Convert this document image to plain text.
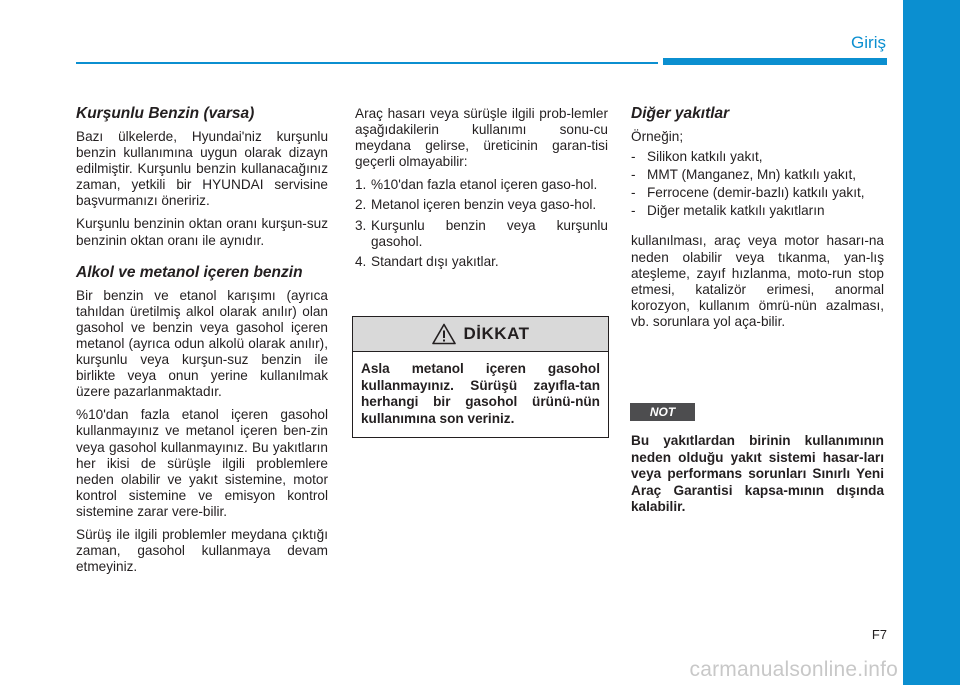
Giriş
Kurşunlu Benzin (varsa)

Bazı ülkelerde, Hyundai'niz kurşunlu benzin kullanımına uygun olarak dizayn edilmiştir. Kurşunlu benzin kullanacağınız zaman, yetkili bir HYUNDAI servisine başvurmanızı öneririz.

Kurşunlu benzinin oktan oranı kurşun-suz benzinin oktan oranı ile aynıdır.

Alkol ve metanol içeren benzin

Bir benzin ve etanol karışımı (ayrıca tahıldan üretilmiş alkol olarak anılır) olan gasohol ve benzin veya gasohol içeren metanol (ayrıca odun alkolü olarak anılır), kurşunlu veya kurşun-suz benzin ile birlikte veya onun yerine kullanılmak üzere pazarlanmaktadır.

%10'dan fazla etanol içeren gasohol kullanmayınız ve metanol içeren ben-zin veya gasohol kullanmayınız. Bu yakıtların her ikisi de sürüşle ilgili problemlere neden olabilir ve yakıt sistemine, motor kontrol sistemine ve emisyon kontrol sistemine zarar vere-bilir.

Sürüş ile ilgili problemler meydana çıktığı zaman, gasohol kullanmaya devam etmeyiniz.

Araç hasarı veya sürüşle ilgili prob-lemler aşağıdakilerin kullanımı sonu-cu meydana gelirse, üreticinin garan-tisi geçerli olmayabilir:

1. %10'dan fazla etanol içeren gaso-hol.
2. Metanol içeren benzin veya gaso-hol.
3. Kurşunlu benzin veya kurşunlu gasohol.
4. Standart dışı yakıtlar.
DİKKAT
Asla metanol içeren gasohol kullanmayınız. Sürüşü zayıfla-tan herhangi bir gasohol ürünü-nün kullanımına son veriniz.
Diğer yakıtlar

Örneğin;

- Silikon katkılı yakıt,
- MMT (Manganez, Mn) katkılı yakıt,
- Ferrocene (demir-bazlı) katkılı yakıt,
- Diğer metalik katkılı yakıtların

kullanılması, araç veya motor hasarı-na neden olabilir veya tıkanma, yan-lış ateşleme, zayıf hızlanma, moto-run stop etmesi, katalizör erimesi, anormal korozyon, kullanım ömrü-nün azalması, vb. sorunlara yol aça-bilir.

NOT
Bu yakıtlardan birinin kullanımının neden olduğu yakıt sistemi hasar-ları veya performans sorunları Sınırlı Yeni Araç Garantisi kapsa-mının dışında kalabilir.
F7
carmanualsonline.info
